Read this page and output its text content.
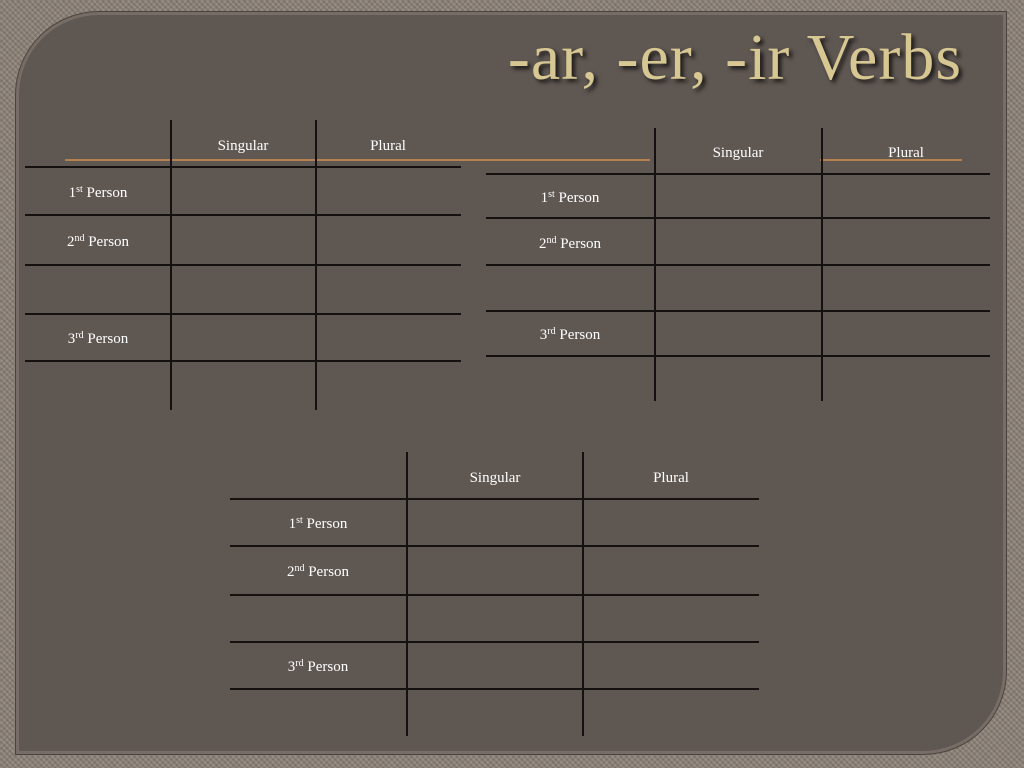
-ar, -er, -ir Verbs
Singular	Plural
1st Person
2nd Person
3rd Person
Singular	Plural
1st Person
2nd Person
3rd Person
Singular	Plural
1st Person
2nd Person
3rd Person
